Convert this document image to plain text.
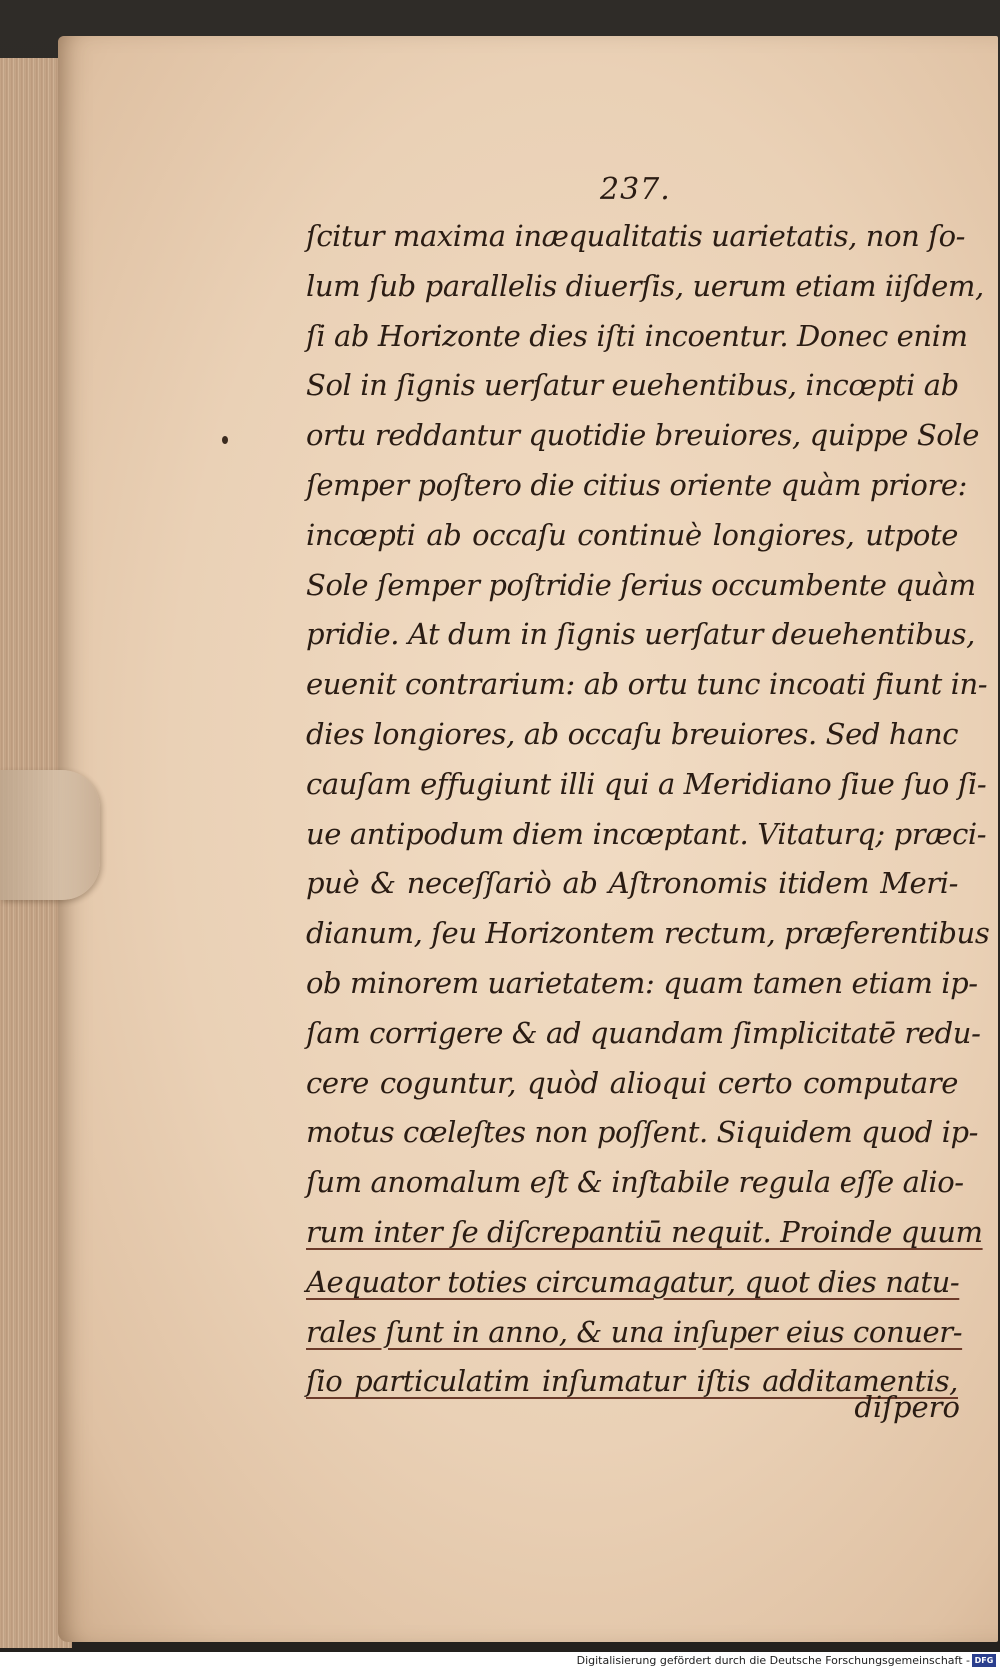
237.
ſcitur maxima inæqualitatis uarietatis, non ſo-
lum ſub parallelis diuerſis, uerum etiam iiſdem,
ſi ab Horizonte dies iſti incoentur. Donec enim
Sol in ſignis uerſatur euehentibus, incœpti ab
ortu reddantur quotidie breuiores, quippe Sole
ſemper poſtero die citius oriente quàm priore:
incœpti ab occaſu continuè longiores, utpote
Sole ſemper poſtridie ſerius occumbente quàm
pridie. At dum in ſignis uerſatur deuehentibus,
euenit contrarium: ab ortu tunc incoati fiunt in-
dies longiores, ab occaſu breuiores. Sed hanc
cauſam effugiunt illi qui a Meridiano ſiue ſuo ſi-
ue antipodum diem incœptant. Vitaturq; præci-
puè & neceſſariò ab Aſtronomis itidem Meri-
dianum, ſeu Horizontem rectum, præferentibus
ob minorem uarietatem: quam tamen etiam ip-
ſam corrigere & ad quandam ſimplicitatē redu-
cere coguntur, quòd alioqui certo computare
motus cœleſtes non poſſent. Siquidem quod ip-
ſum anomalum eſt & inſtabile regula eſſe alio-
rum inter ſe diſcrepantiū nequit. Proinde quum
Aequator toties circumagatur, quot dies natu-
rales ſunt in anno, & una inſuper eius conuer-
ſio particulatim inſumatur iſtis additamentis,
diſpero
Digitalisierung gefördert durch die Deutsche Forschungsgemeinschaft - DFG
